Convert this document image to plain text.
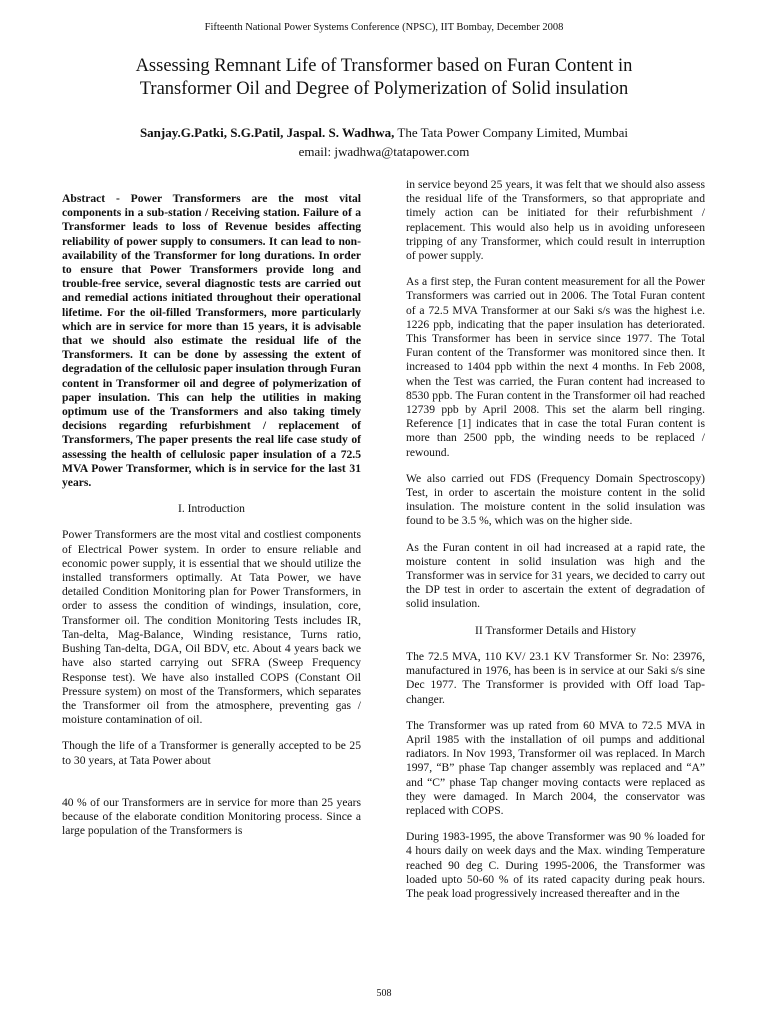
Fifteenth National Power Systems Conference (NPSC), IIT Bombay, December 2008
Assessing Remnant Life of Transformer based on Furan Content in
Transformer Oil and Degree of Polymerization of Solid insulation
Sanjay.G.Patki, S.G.Patil, Jaspal. S. Wadhwa, The Tata Power Company Limited, Mumbai
email: jwadhwa@tatapower.com

Abstract - Power Transformers are the most vital components in a sub-station / Receiving station. Failure of a Transformer leads to loss of Revenue besides affecting reliability of power supply to consumers. It can lead to non-availability of the Transformer for long durations. In order to ensure that Power Transformers provide long and trouble-free service, several diagnostic tests are carried out and remedial actions initiated throughout their operational lifetime. For the oil-filled Transformers, more particularly which are in service for more than 15 years, it is advisable that we should also estimate the residual life of the Transformers. It can be done by assessing the extent of degradation of the cellulosic paper insulation through Furan content in Transformer oil and degree of polymerization of paper insulation. This can help the utilities in making optimum use of the Transformers and also taking timely decisions regarding refurbishment / replacement of Transformers, The paper presents the real life case study of assessing the health of cellulosic paper insulation of a 72.5 MVA Power Transformer, which is in service for the last 31 years.

I. Introduction

Power Transformers are the most vital and costliest components of Electrical Power system. In order to ensure reliable and economic power supply, it is essential that we should utilize the installed transformers optimally. At Tata Power, we have detailed Condition Monitoring plan for Power Transformers, in order to assess the condition of windings, insulation, core, Transformer oil. The condition Monitoring Tests includes IR, Tan-delta, Mag-Balance, Winding resistance, Turns ratio, Bushing Tan-delta, DGA, Oil BDV, etc. About 4 years back we have also started carrying out SFRA (Sweep Frequency Response test). We have also installed COPS (Constant Oil Pressure system) on most of the Transformers, which separates the Transformer oil from the atmosphere, preventing gas / moisture contamination of oil.

Though the life of a Transformer is generally accepted to be 25 to 30 years, at Tata Power about

40 % of our Transformers are in service for more than 25 years because of the elaborate condition Monitoring process. Since a large population of the Transformers is

in service beyond 25 years, it was felt that we should also assess the residual life of the Transformers, so that appropriate and timely action can be initiated for their refurbishment / replacement. This would also help us in avoiding unforeseen tripping of any Transformer, which could result in interruption of power supply.

As a first step, the Furan content measurement for all the Power Transformers was carried out in 2006. The Total Furan content of a 72.5 MVA Transformer at our Saki s/s was the highest i.e. 1226 ppb, indicating that the paper insulation has deteriorated. This Transformer has been in service since 1977. The Total Furan content of the Transformer was monitored since then. It increased to 1404 ppb within the next 4 months. In Feb 2008, when the Test was carried, the Furan content had increased to 8530 ppb. The Furan content in the Transformer oil had reached 12739 ppb by April 2008. This set the alarm bell ringing. Reference [1] indicates that in case the total Furan content is more than 2500 ppb, the winding needs to be replaced / rewound.

We also carried out FDS (Frequency Domain Spectroscopy) Test, in order to ascertain the moisture content in the solid insulation. The moisture content in the solid insulation was found to be 3.5 %, which was on the higher side.

As the Furan content in oil had increased at a rapid rate, the moisture content in solid insulation was high and the Transformer was in service for 31 years, we decided to carry out the DP test in order to ascertain the extent of degradation of solid insulation.

II Transformer Details and History

The 72.5 MVA, 110 KV/ 23.1 KV Transformer Sr. No: 23976, manufactured in 1976, has been is in service at our Saki s/s sine Dec 1977. The Transformer is provided with Off load Tap-changer.

The Transformer was up rated from 60 MVA to 72.5 MVA in April 1985 with the installation of oil pumps and additional radiators. In Nov 1993, Transformer oil was replaced. In March 1997, “B” phase Tap changer assembly was replaced and “A” and “C” phase Tap changer moving contacts were replaced as they were damaged. In March 2004, the conservator was replaced with COPS.

During 1983-1995, the above Transformer was 90 % loaded for 4 hours daily on week days and the Max. winding Temperature reached 90 deg C. During 1995-2006, the Transformer was loaded upto 50-60 % of its rated capacity during peak hours. The peak load progressively increased thereafter and in the

508
